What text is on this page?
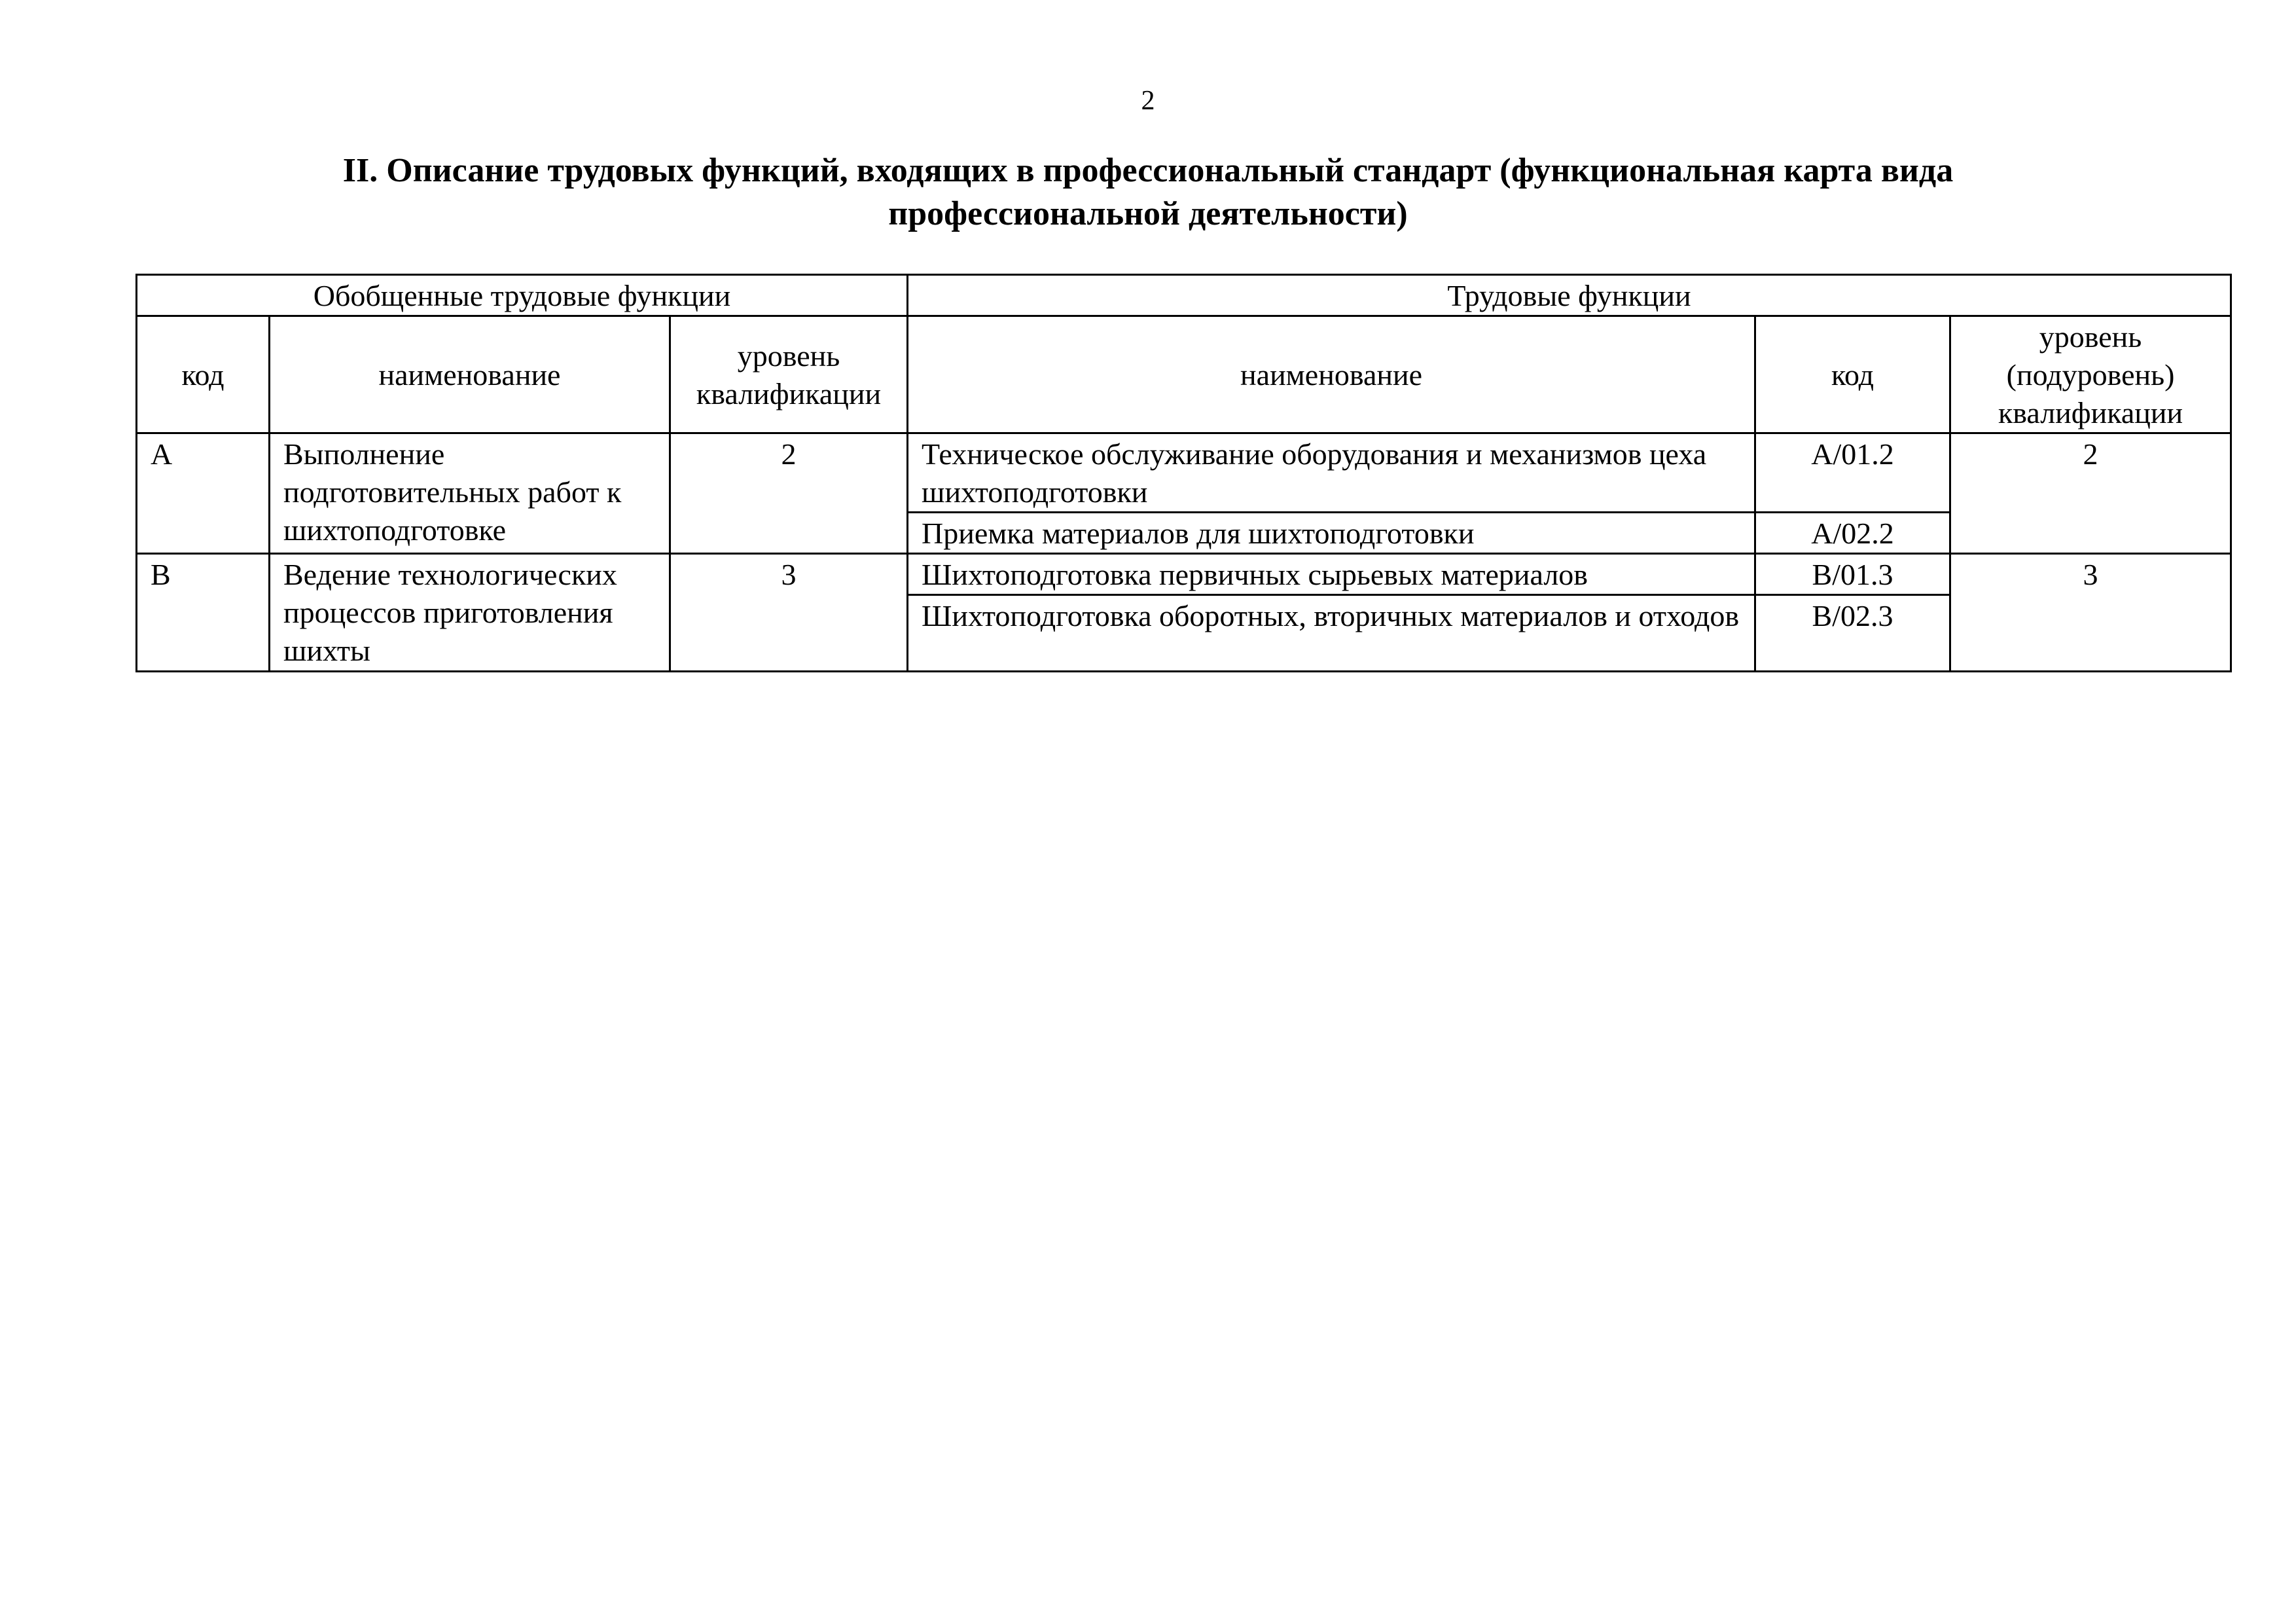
2
II. Описание трудовых функций, входящих в профессиональный стандарт (функциональная карта вида профессиональной деятельности)
Обобщенные трудовые функции			Трудовые функции		
код	наименование	уровень квалификации	наименование	код	уровень (подуровень) квалификации
A	Выполнение подготовительных работ к шихтоподготовке	2	Техническое обслуживание оборудования и механизмов цеха шихтоподготовки	A/01.2	2
			Приемка материалов для шихтоподготовки	A/02.2	
B	Ведение технологических процессов приготовления шихты	3	Шихтоподготовка первичных сырьевых материалов	B/01.3	3
			Шихтоподготовка оборотных, вторичных материалов и отходов	B/02.3	
